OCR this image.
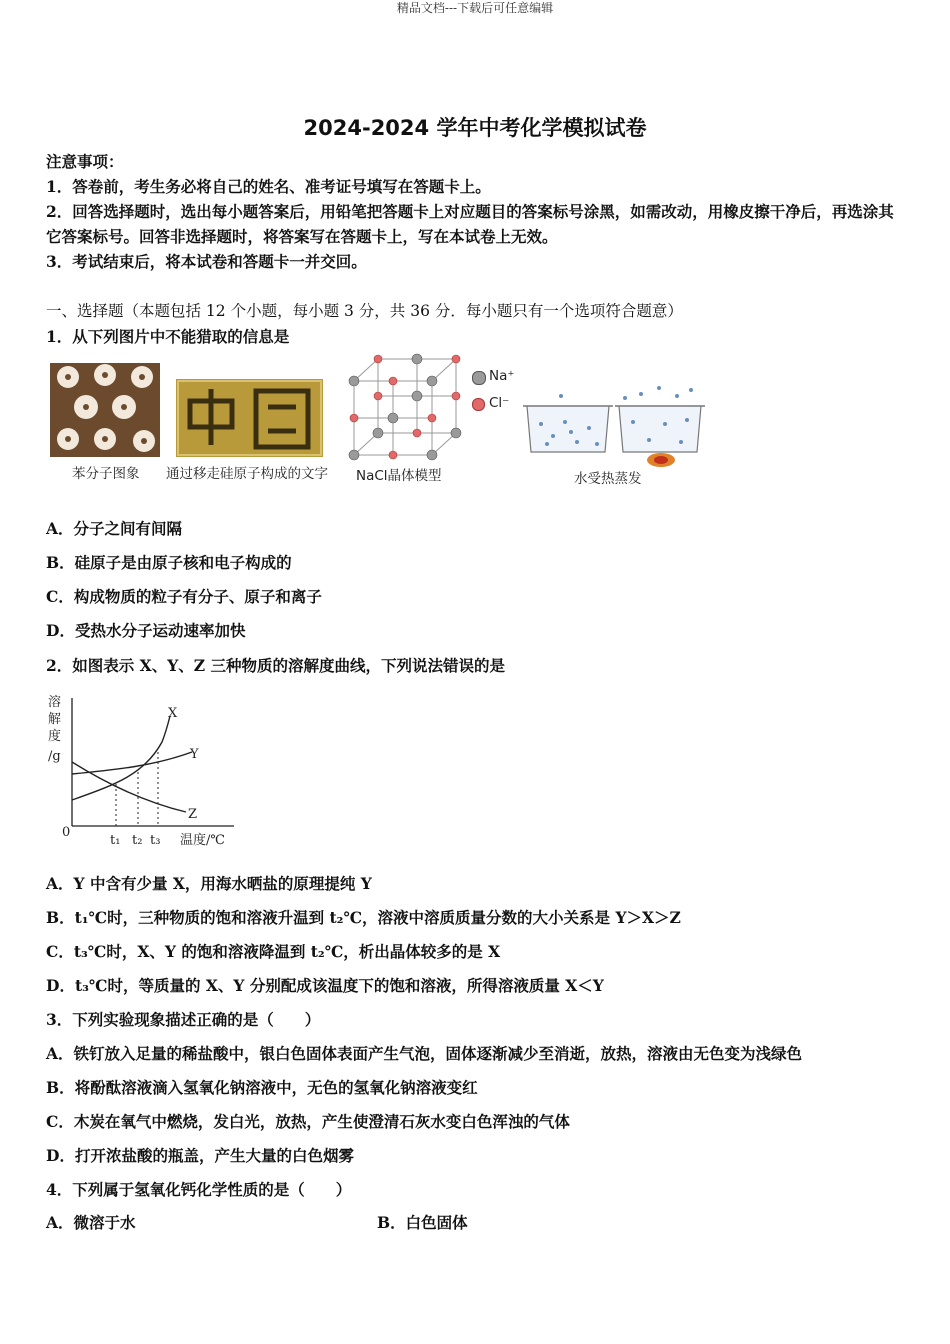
精品文档---下载后可任意编辑
2024-2024 学年中考化学模拟试卷
注意事项：
1．答卷前，考生务必将自己的姓名、准考证号填写在答题卡上。
2．回答选择题时，选出每小题答案后，用铅笔把答题卡上对应题目的答案标号涂黑，如需改动，用橡皮擦干净后，再选涂其它答案标号。回答非选择题时，将答案写在答题卡上，写在本试卷上无效。
3．考试结束后，将本试卷和答题卡一并交回。
一、选择题（本题包括 12 个小题，每小题 3 分，共 36 分．每小题只有一个选项符合题意）
1．从下列图片中不能猎取的信息是
苯分子图象 通过移走硅原子构成的文字
Na⁺
Cl⁻
NaCl晶体模型	水受热蒸发
A．分子之间有间隔
B．硅原子是由原子核和电子构成的
C．构成物质的粒子有分子、原子和离子
D．受热水分子运动速率加快
2．如图表示 X、Y、Z 三种物质的溶解度曲线，下列说法错误的是
溶
解
度
/g
0
t₁ t₂ t₃ 温度/℃
X
Y
Z
A．Y 中含有少量 X，用海水晒盐的原理提纯 Y
B．t₁℃时，三种物质的饱和溶液升温到 t₂℃，溶液中溶质质量分数的大小关系是 Y＞X＞Z
C．t₃℃时，X、Y 的饱和溶液降温到 t₂℃，析出晶体较多的是 X
D．t₃℃时，等质量的 X、Y 分别配成该温度下的饱和溶液，所得溶液质量 X＜Y
3．下列实验现象描述正确的是（　　）
A．铁钉放入足量的稀盐酸中，银白色固体表面产生气泡，固体逐渐减少至消逝，放热，溶液由无色变为浅绿色
B．将酚酞溶液滴入氢氧化钠溶液中，无色的氢氧化钠溶液变红
C．木炭在氧气中燃烧，发白光，放热，产生使澄清石灰水变白色浑浊的气体
D．打开浓盐酸的瓶盖，产生大量的白色烟雾
4．下列属于氢氧化钙化学性质的是（　　）
A．微溶于水	B．白色固体
